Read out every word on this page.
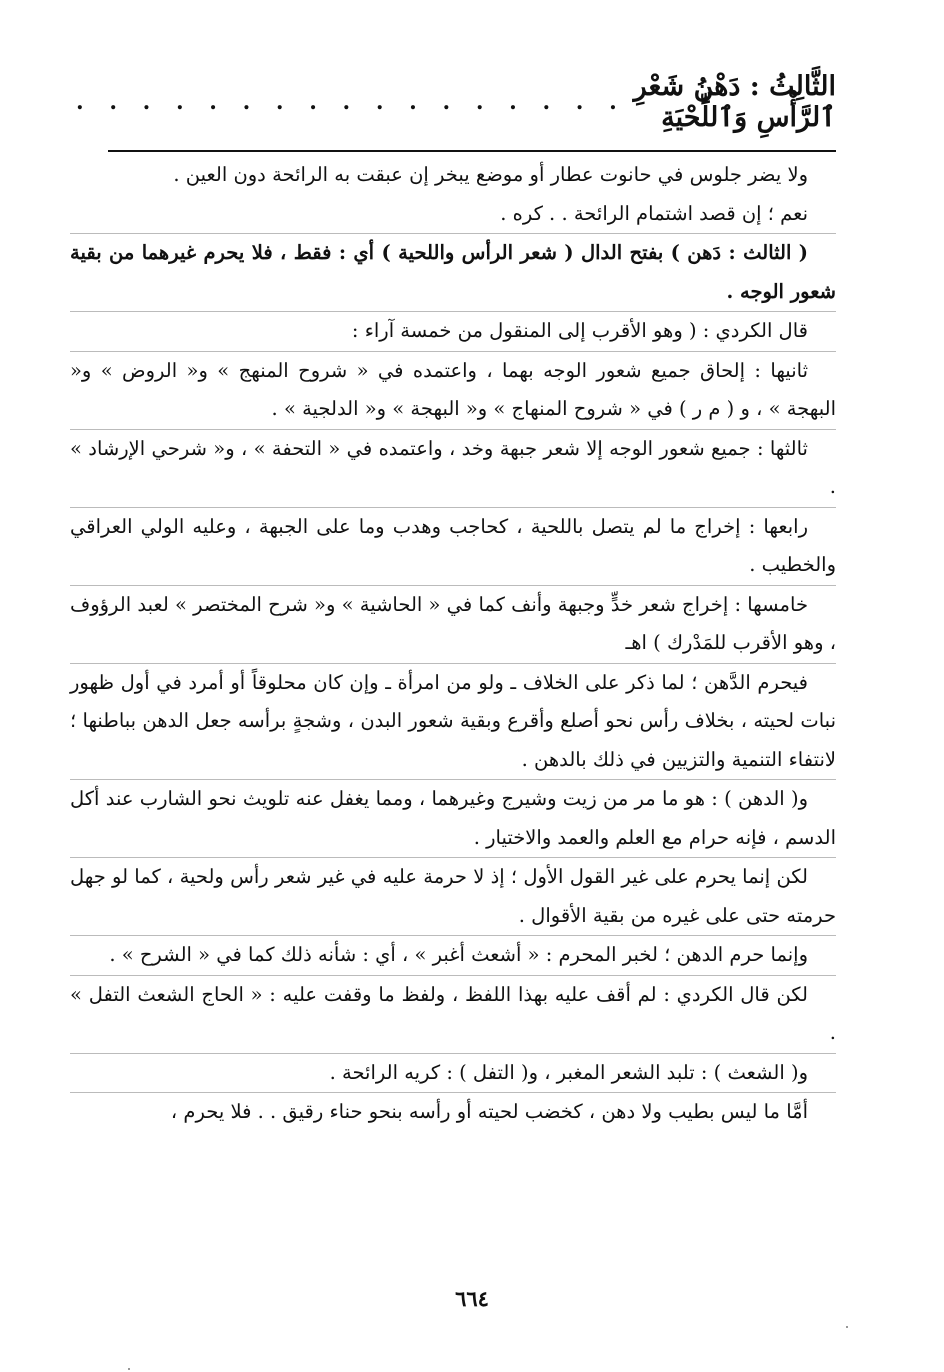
الثَّالِثُ : دَهْنُ شَعْرِ ٱلرَّأْسِ وَٱللِّحْيَةِ
. . . . . . . . . . . . . . . . .

ولا يضر جلوس في حانوت عطار أو موضع يبخر إن عبقت به الرائحة دون العين .

نعم ؛ إن قصد اشتمام الرائحة . . كره .

( الثالث : دَهن ) بفتح الدال ( شعر الرأس واللحية ) أي : فقط ، فلا يحرم غيرهما من بقية شعور الوجه .

قال الكردي : ( وهو الأقرب إلى المنقول من خمسة آراء :

ثانيها : إلحاق جميع شعور الوجه بهما ، واعتمده في « شروح المنهج » و« الروض » و« البهجة » ، و ( م ر ) في « شروح المنهاج » و« البهجة » و« الدلجية » .

ثالثها : جميع شعور الوجه إلا شعر جبهة وخد ، واعتمده في « التحفة » ، و« شرحي الإرشاد » .

رابعها : إخراج ما لم يتصل باللحية ، كحاجب وهدب وما على الجبهة ، وعليه الولي العراقي والخطيب .

خامسها : إخراج شعر خدٍّ وجبهة وأنف كما في « الحاشية » و« شرح المختصر » لعبد الرؤوف ، وهو الأقرب للمَدْرك ) اهـ

فيحرم الدَّهن ؛ لما ذكر على الخلاف ـ ولو من امرأة ـ وإن كان محلوقاً أو أمرد في أول ظهور نبات لحيته ، بخلاف رأس نحو أصلع وأقرع وبقية شعور البدن ، وشجةٍ برأسه جعل الدهن بباطنها ؛ لانتفاء التنمية والتزيين في ذلك بالدهن .

و( الدهن ) : هو ما مر من زيت وشيرج وغيرهما ، ومما يغفل عنه تلويث نحو الشارب عند أكل الدسم ، فإنه حرام مع العلم والعمد والاختيار .

لكن إنما يحرم على غير القول الأول ؛ إذ لا حرمة عليه في غير شعر رأس ولحية ، كما لو جهل حرمته حتى على غيره من بقية الأقوال .

وإنما حرم الدهن ؛ لخبر المحرم : « أشعث أغبر » ، أي : شأنه ذلك كما في « الشرح » .

لكن قال الكردي : لم أقف عليه بهذا اللفظ ، ولفظ ما وقفت عليه : « الحاج الشعث التفل » .

و( الشعث ) : تلبد الشعر المغبر ، و( التفل ) : كريه الرائحة .

أمَّا ما ليس بطيب ولا دهن ، كخضب لحيته أو رأسه بنحو حناء رقيق . . فلا يحرم ،

٦٦٤
